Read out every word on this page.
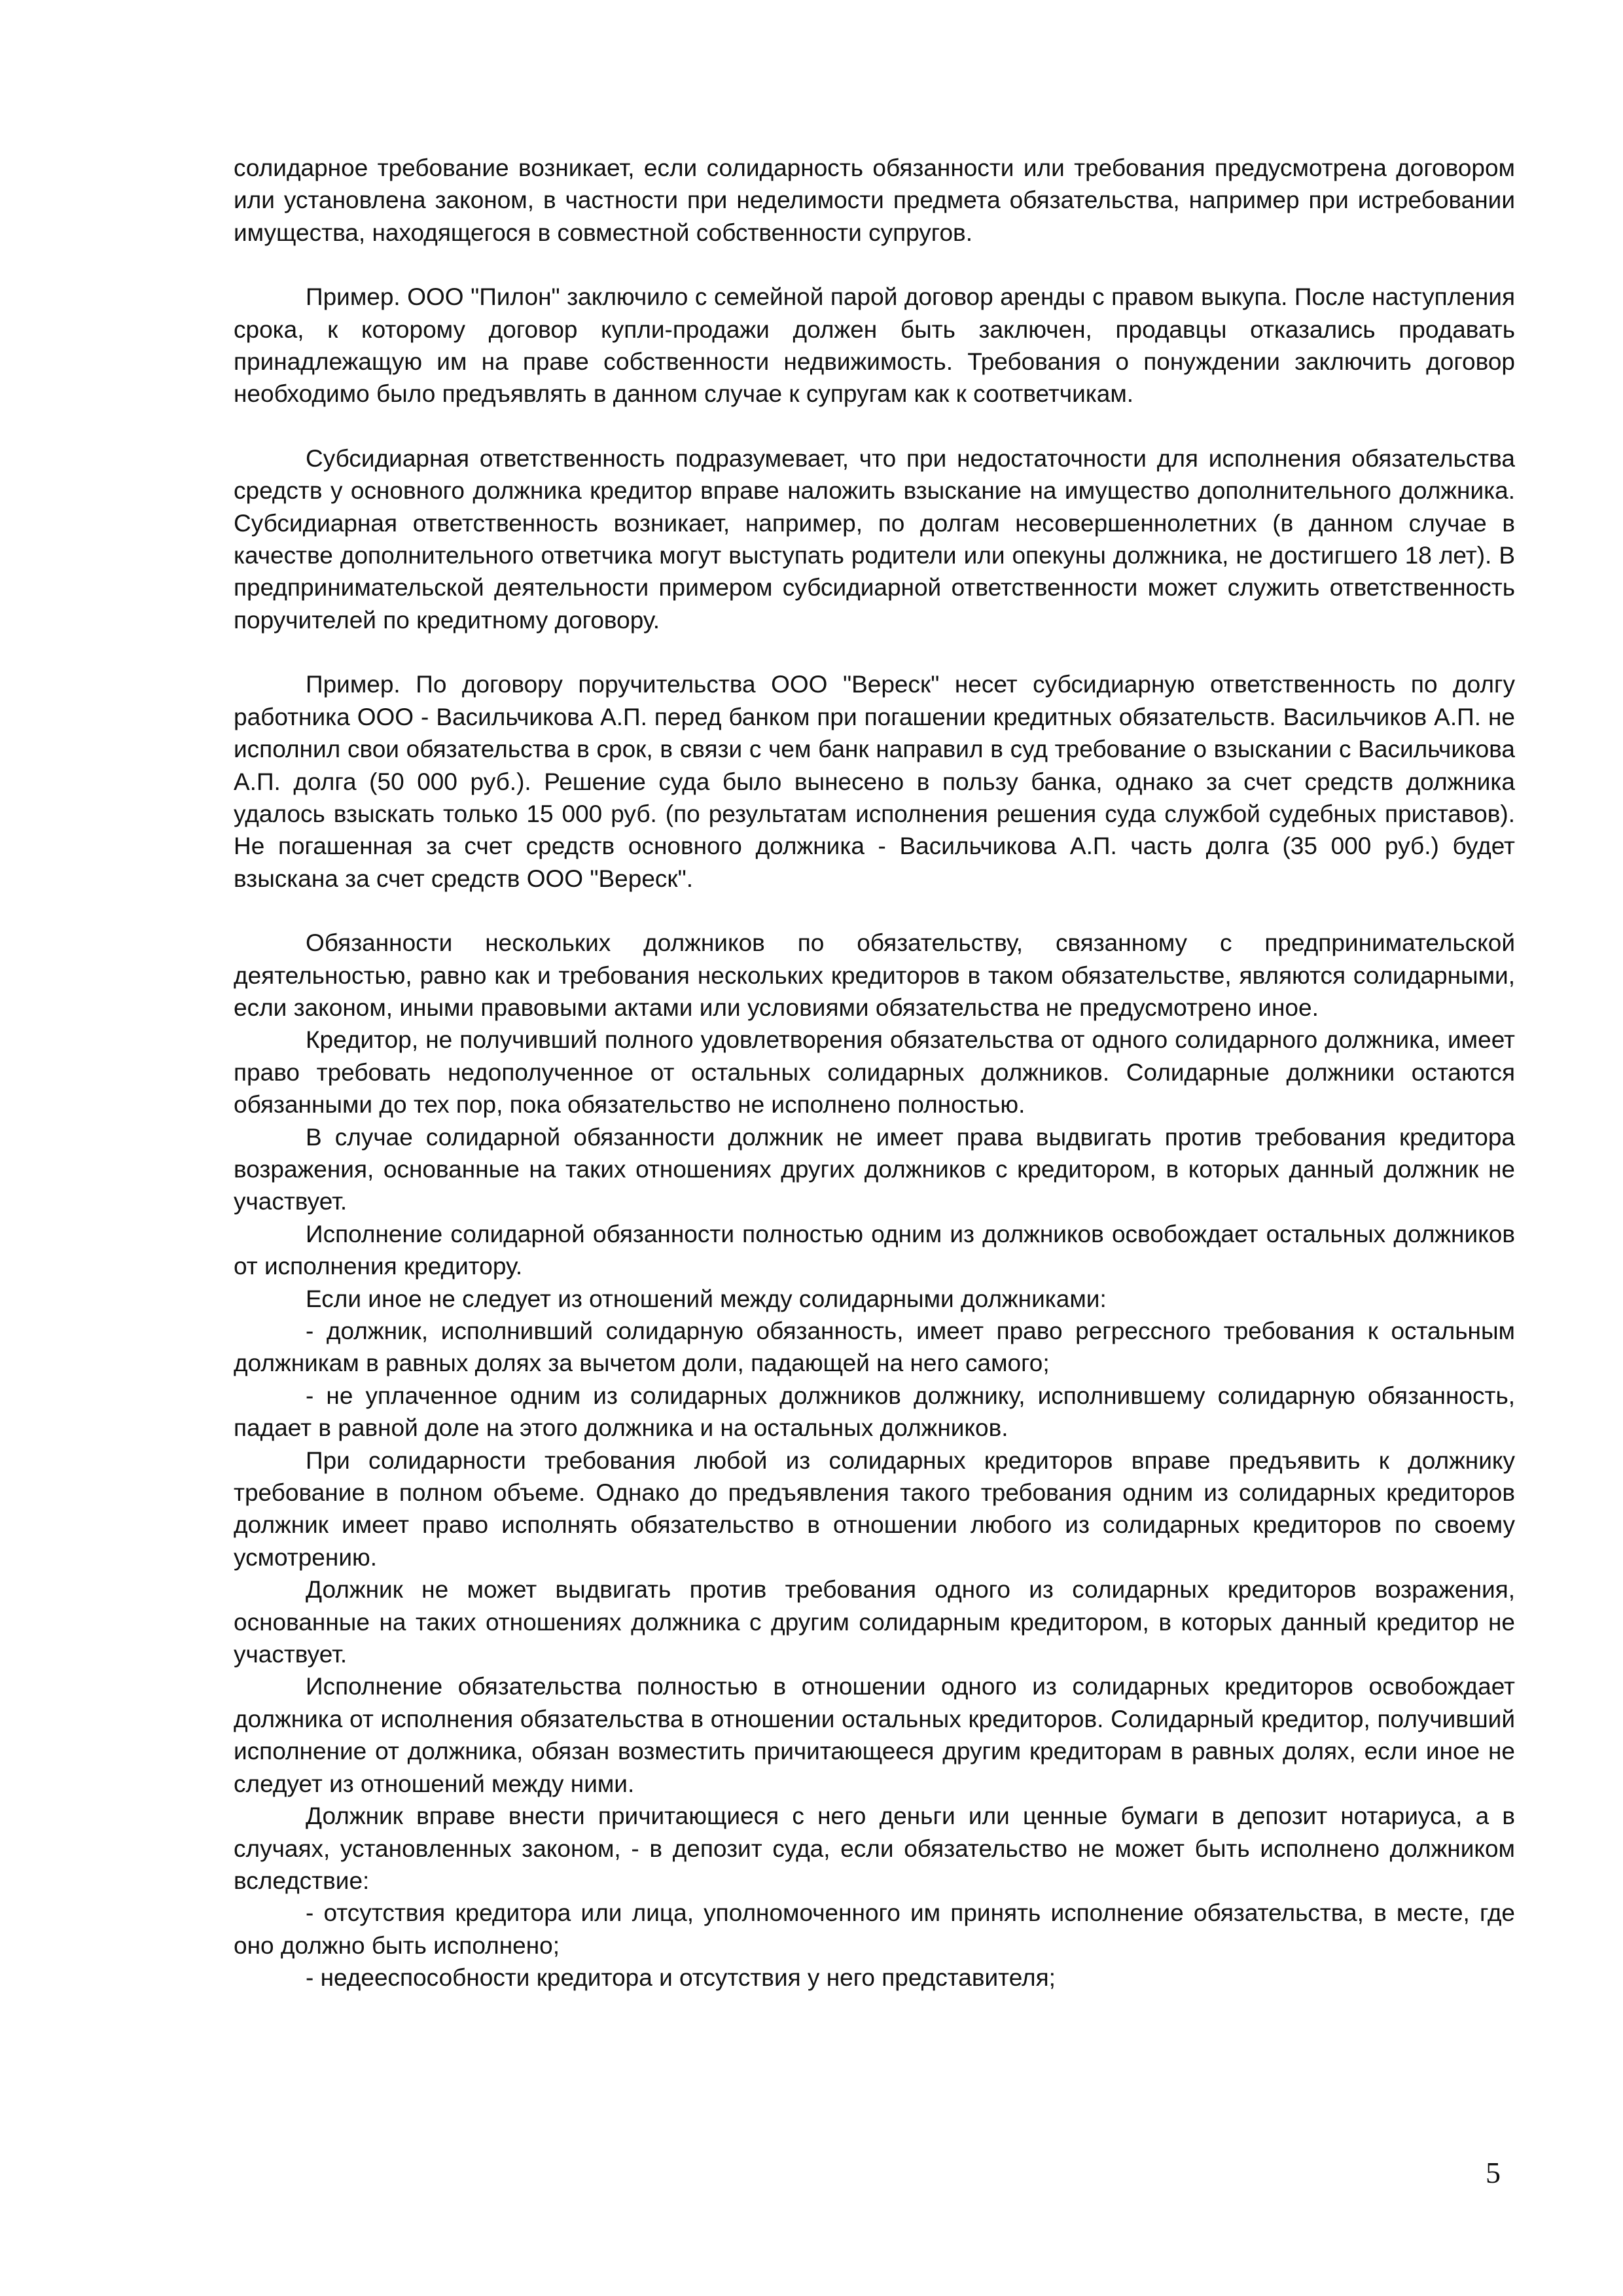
солидарное требование возникает, если солидарность обязанности или требования предусмотрена договором или установлена законом, в частности при неделимости предмета обязательства, например при истребовании имущества, находящегося в совместной собственности супругов.

Пример. ООО "Пилон" заключило с семейной парой договор аренды с правом выкупа. После наступления срока, к которому договор купли-продажи должен быть заключен, продавцы отказались продавать принадлежащую им на праве собственности недвижимость. Требования о понуждении заключить договор необходимо было предъявлять в данном случае к супругам как к соответчикам.

Субсидиарная ответственность подразумевает, что при недостаточности для исполнения обязательства средств у основного должника кредитор вправе наложить взыскание на имущество дополнительного должника. Субсидиарная ответственность возникает, например, по долгам несовершеннолетних (в данном случае в качестве дополнительного ответчика могут выступать родители или опекуны должника, не достигшего 18 лет). В предпринимательской деятельности примером субсидиарной ответственности может служить ответственность поручителей по кредитному договору.

Пример. По договору поручительства ООО "Вереск" несет субсидиарную ответственность по долгу работника ООО - Васильчикова А.П. перед банком при погашении кредитных обязательств. Васильчиков А.П. не исполнил свои обязательства в срок, в связи с чем банк направил в суд требование о взыскании с Васильчикова А.П. долга (50 000 руб.). Решение суда было вынесено в пользу банка, однако за счет средств должника удалось взыскать только 15 000 руб. (по результатам исполнения решения суда службой судебных приставов). Не погашенная за счет средств основного должника - Васильчикова А.П. часть долга (35 000 руб.) будет взыскана за счет средств ООО "Вереск".

Обязанности нескольких должников по обязательству, связанному с предпринимательской деятельностью, равно как и требования нескольких кредиторов в таком обязательстве, являются солидарными, если законом, иными правовыми актами или условиями обязательства не предусмотрено иное.

Кредитор, не получивший полного удовлетворения обязательства от одного солидарного должника, имеет право требовать недополученное от остальных солидарных должников. Солидарные должники остаются обязанными до тех пор, пока обязательство не исполнено полностью.

В случае солидарной обязанности должник не имеет права выдвигать против требования кредитора возражения, основанные на таких отношениях других должников с кредитором, в которых данный должник не участвует.

Исполнение солидарной обязанности полностью одним из должников освобождает остальных должников от исполнения кредитору.

Если иное не следует из отношений между солидарными должниками:

- должник, исполнивший солидарную обязанность, имеет право регрессного требования к остальным должникам в равных долях за вычетом доли, падающей на него самого;

- не уплаченное одним из солидарных должников должнику, исполнившему солидарную обязанность, падает в равной доле на этого должника и на остальных должников.

При солидарности требования любой из солидарных кредиторов вправе предъявить к должнику требование в полном объеме. Однако до предъявления такого требования одним из солидарных кредиторов должник имеет право исполнять обязательство в отношении любого из солидарных кредиторов по своему усмотрению.

Должник не может выдвигать против требования одного из солидарных кредиторов возражения, основанные на таких отношениях должника с другим солидарным кредитором, в которых данный кредитор не участвует.

Исполнение обязательства полностью в отношении одного из солидарных кредиторов освобождает должника от исполнения обязательства в отношении остальных кредиторов. Солидарный кредитор, получивший исполнение от должника, обязан возместить причитающееся другим кредиторам в равных долях, если иное не следует из отношений между ними.

Должник вправе внести причитающиеся с него деньги или ценные бумаги в депозит нотариуса, а в случаях, установленных законом, - в депозит суда, если обязательство не может быть исполнено должником вследствие:

- отсутствия кредитора или лица, уполномоченного им принять исполнение обязательства, в месте, где оно должно быть исполнено;

- недееспособности кредитора и отсутствия у него представителя;

5
